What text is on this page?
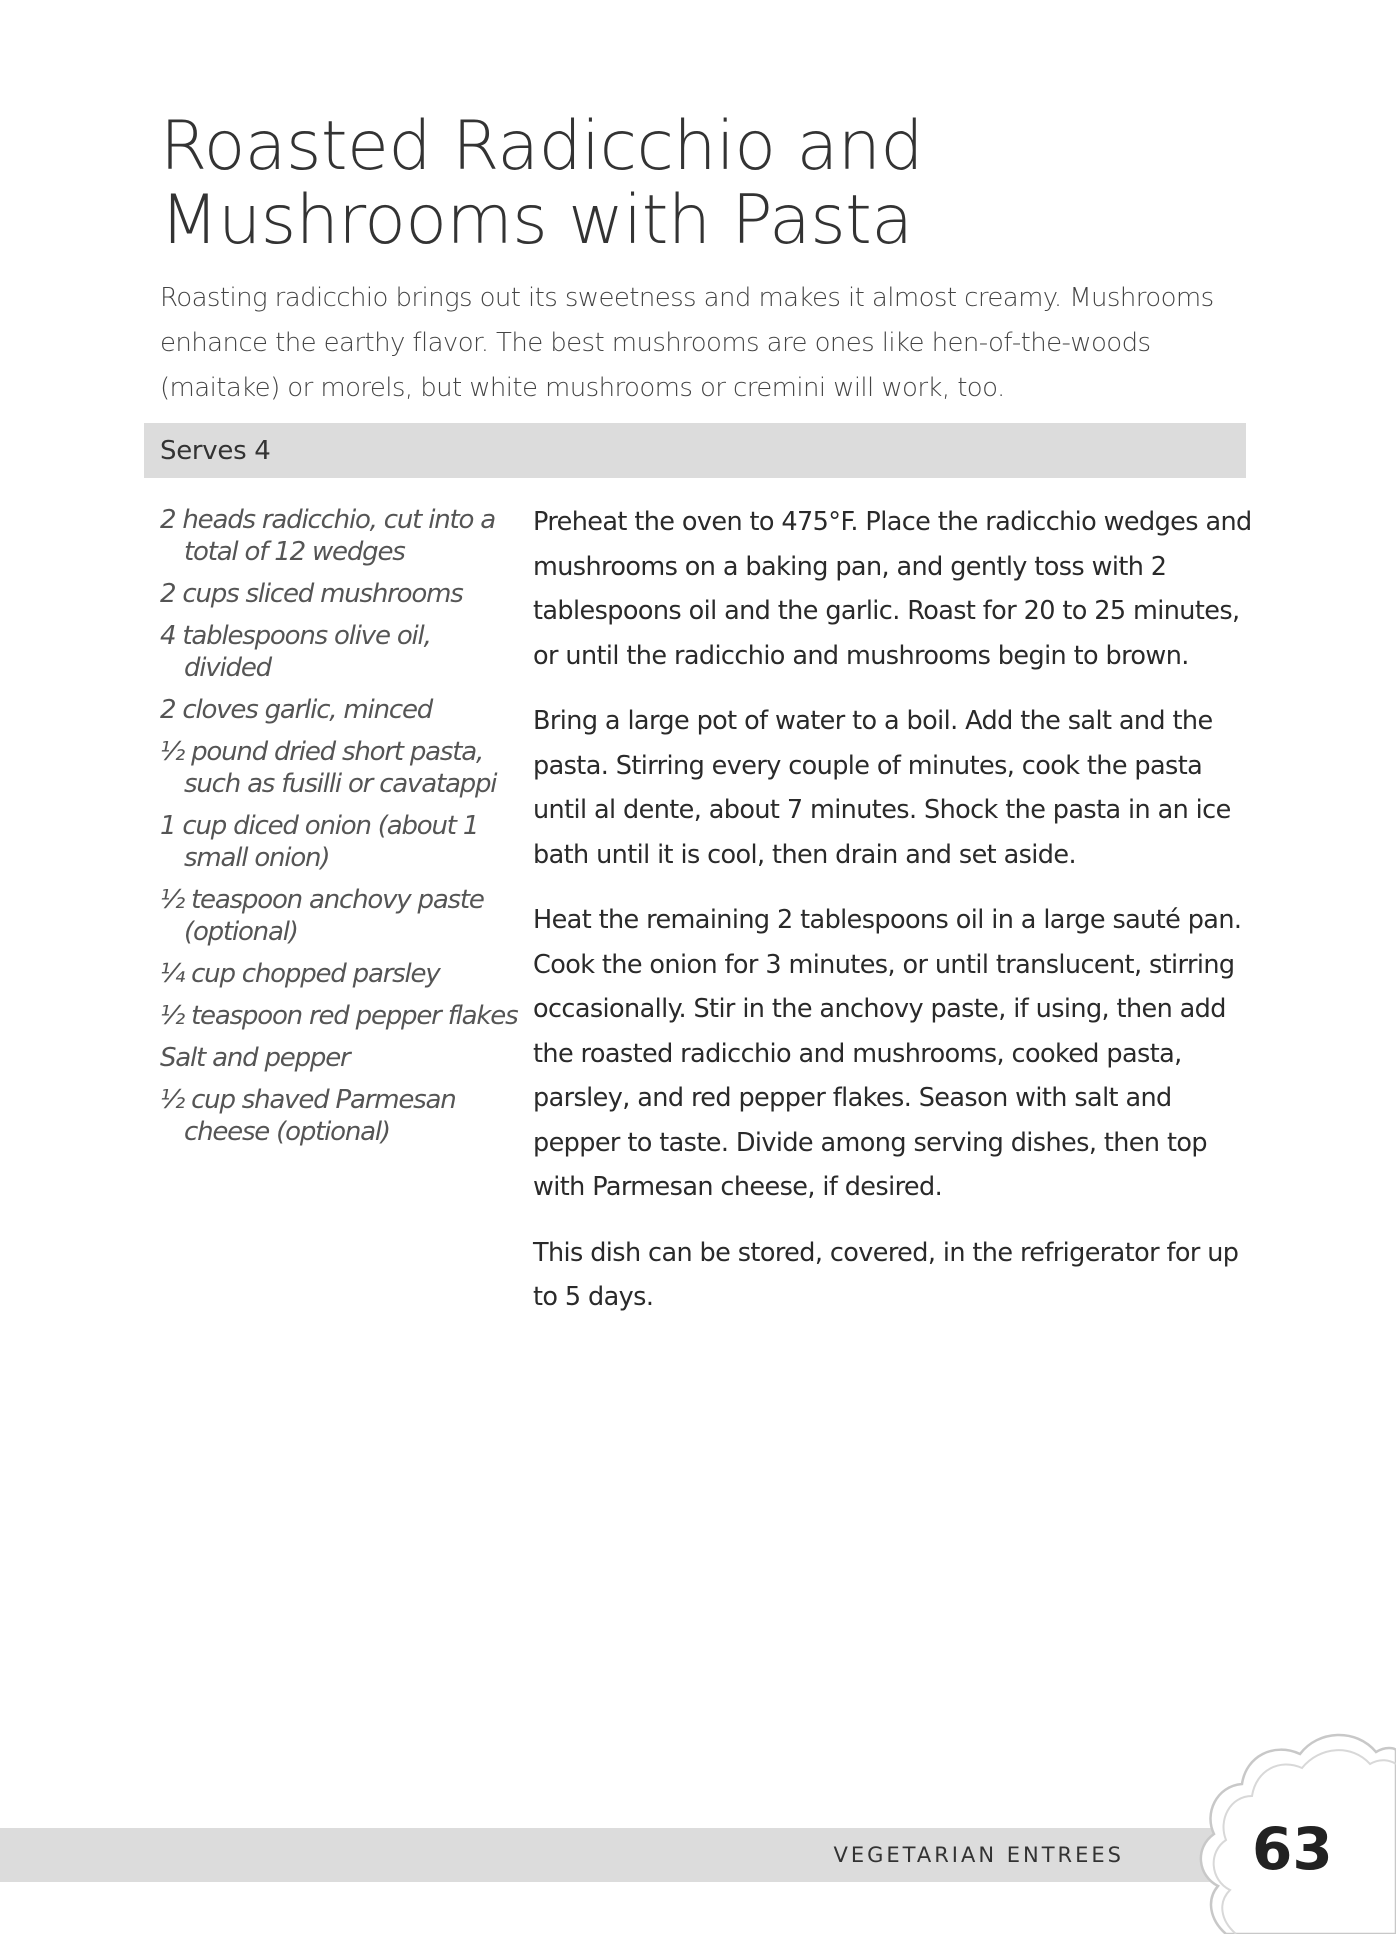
Roasted Radicchio and Mushrooms with Pasta

Roasting radicchio brings out its sweetness and makes it almost creamy. Mushrooms enhance the earthy flavor. The best mushrooms are ones like hen-of-the-woods (maitake) or morels, but white mushrooms or cremini will work, too.

Serves 4
2 heads radicchio, cut into a total of 12 wedges
2 cups sliced mushrooms
4 tablespoons olive oil, divided
2 cloves garlic, minced
½ pound dried short pasta, such as fusilli or cavatappi
1 cup diced onion (about 1 small onion)
½ teaspoon anchovy paste (optional)
¼ cup chopped parsley
½ teaspoon red pepper flakes
Salt and pepper
½ cup shaved Parmesan cheese (optional)

Preheat the oven to 475°F. Place the radicchio wedges and mushrooms on a baking pan, and gently toss with 2 tablespoons oil and the garlic. Roast for 20 to 25 minutes, or until the radicchio and mushrooms begin to brown.

Bring a large pot of water to a boil. Add the salt and the pasta. Stirring every couple of minutes, cook the pasta until al dente, about 7 minutes. Shock the pasta in an ice bath until it is cool, then drain and set aside.

Heat the remaining 2 tablespoons oil in a large sauté pan. Cook the onion for 3 minutes, or until translucent, stirring occasionally. Stir in the anchovy paste, if using, then add the roasted radicchio and mushrooms, cooked pasta, parsley, and red pepper flakes. Season with salt and pepper to taste. Divide among serving dishes, then top with Parmesan cheese, if desired.

This dish can be stored, covered, in the refrigerator for up to 5 days.

VEGETARIAN ENTREES 63
